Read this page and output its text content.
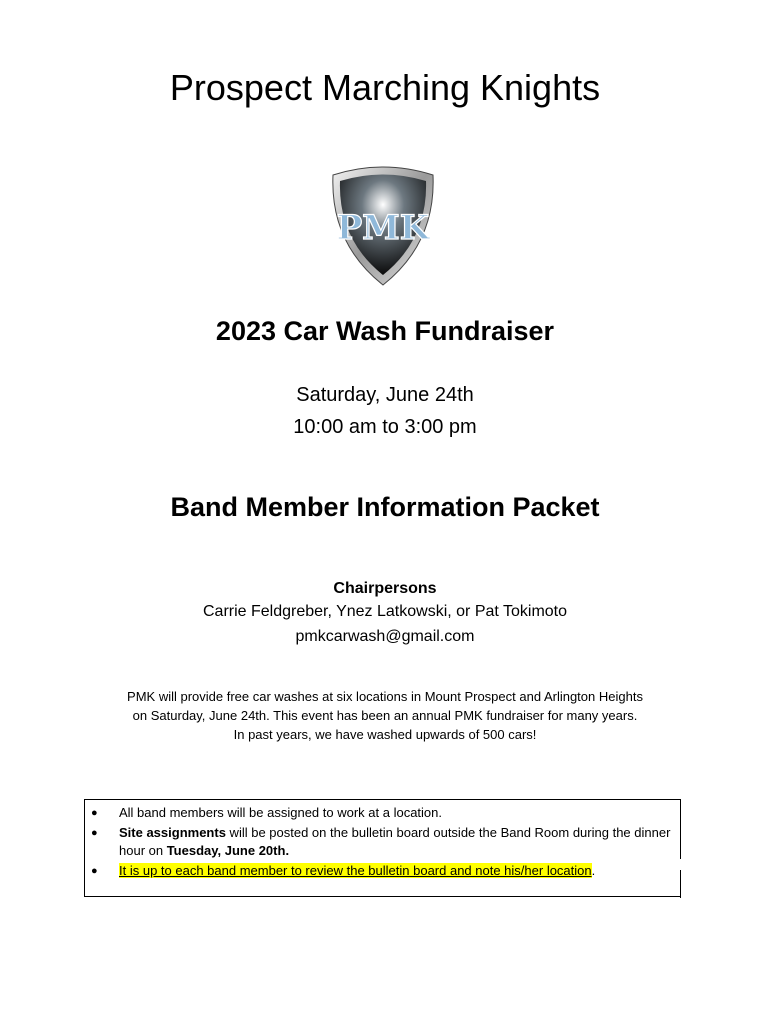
Prospect Marching Knights
PMK
2023 Car Wash Fundraiser
Saturday, June 24th
10:00 am to 3:00 pm
Band Member Information Packet
Chairpersons
Carrie Feldgreber, Ynez Latkowski, or Pat Tokimoto
pmkcarwash@gmail.com
PMK will provide free car washes at six locations in Mount Prospect and Arlington Heights
on Saturday, June 24th. This event has been an annual PMK fundraiser for many years.
In past years, we have washed upwards of 500 cars!
● All band members will be assigned to work at a location.
● Site assignments will be posted on the bulletin board outside the Band Room during the dinner hour on Tuesday, June 20th.
● It is up to each band member to review the bulletin board and note his/her location.
